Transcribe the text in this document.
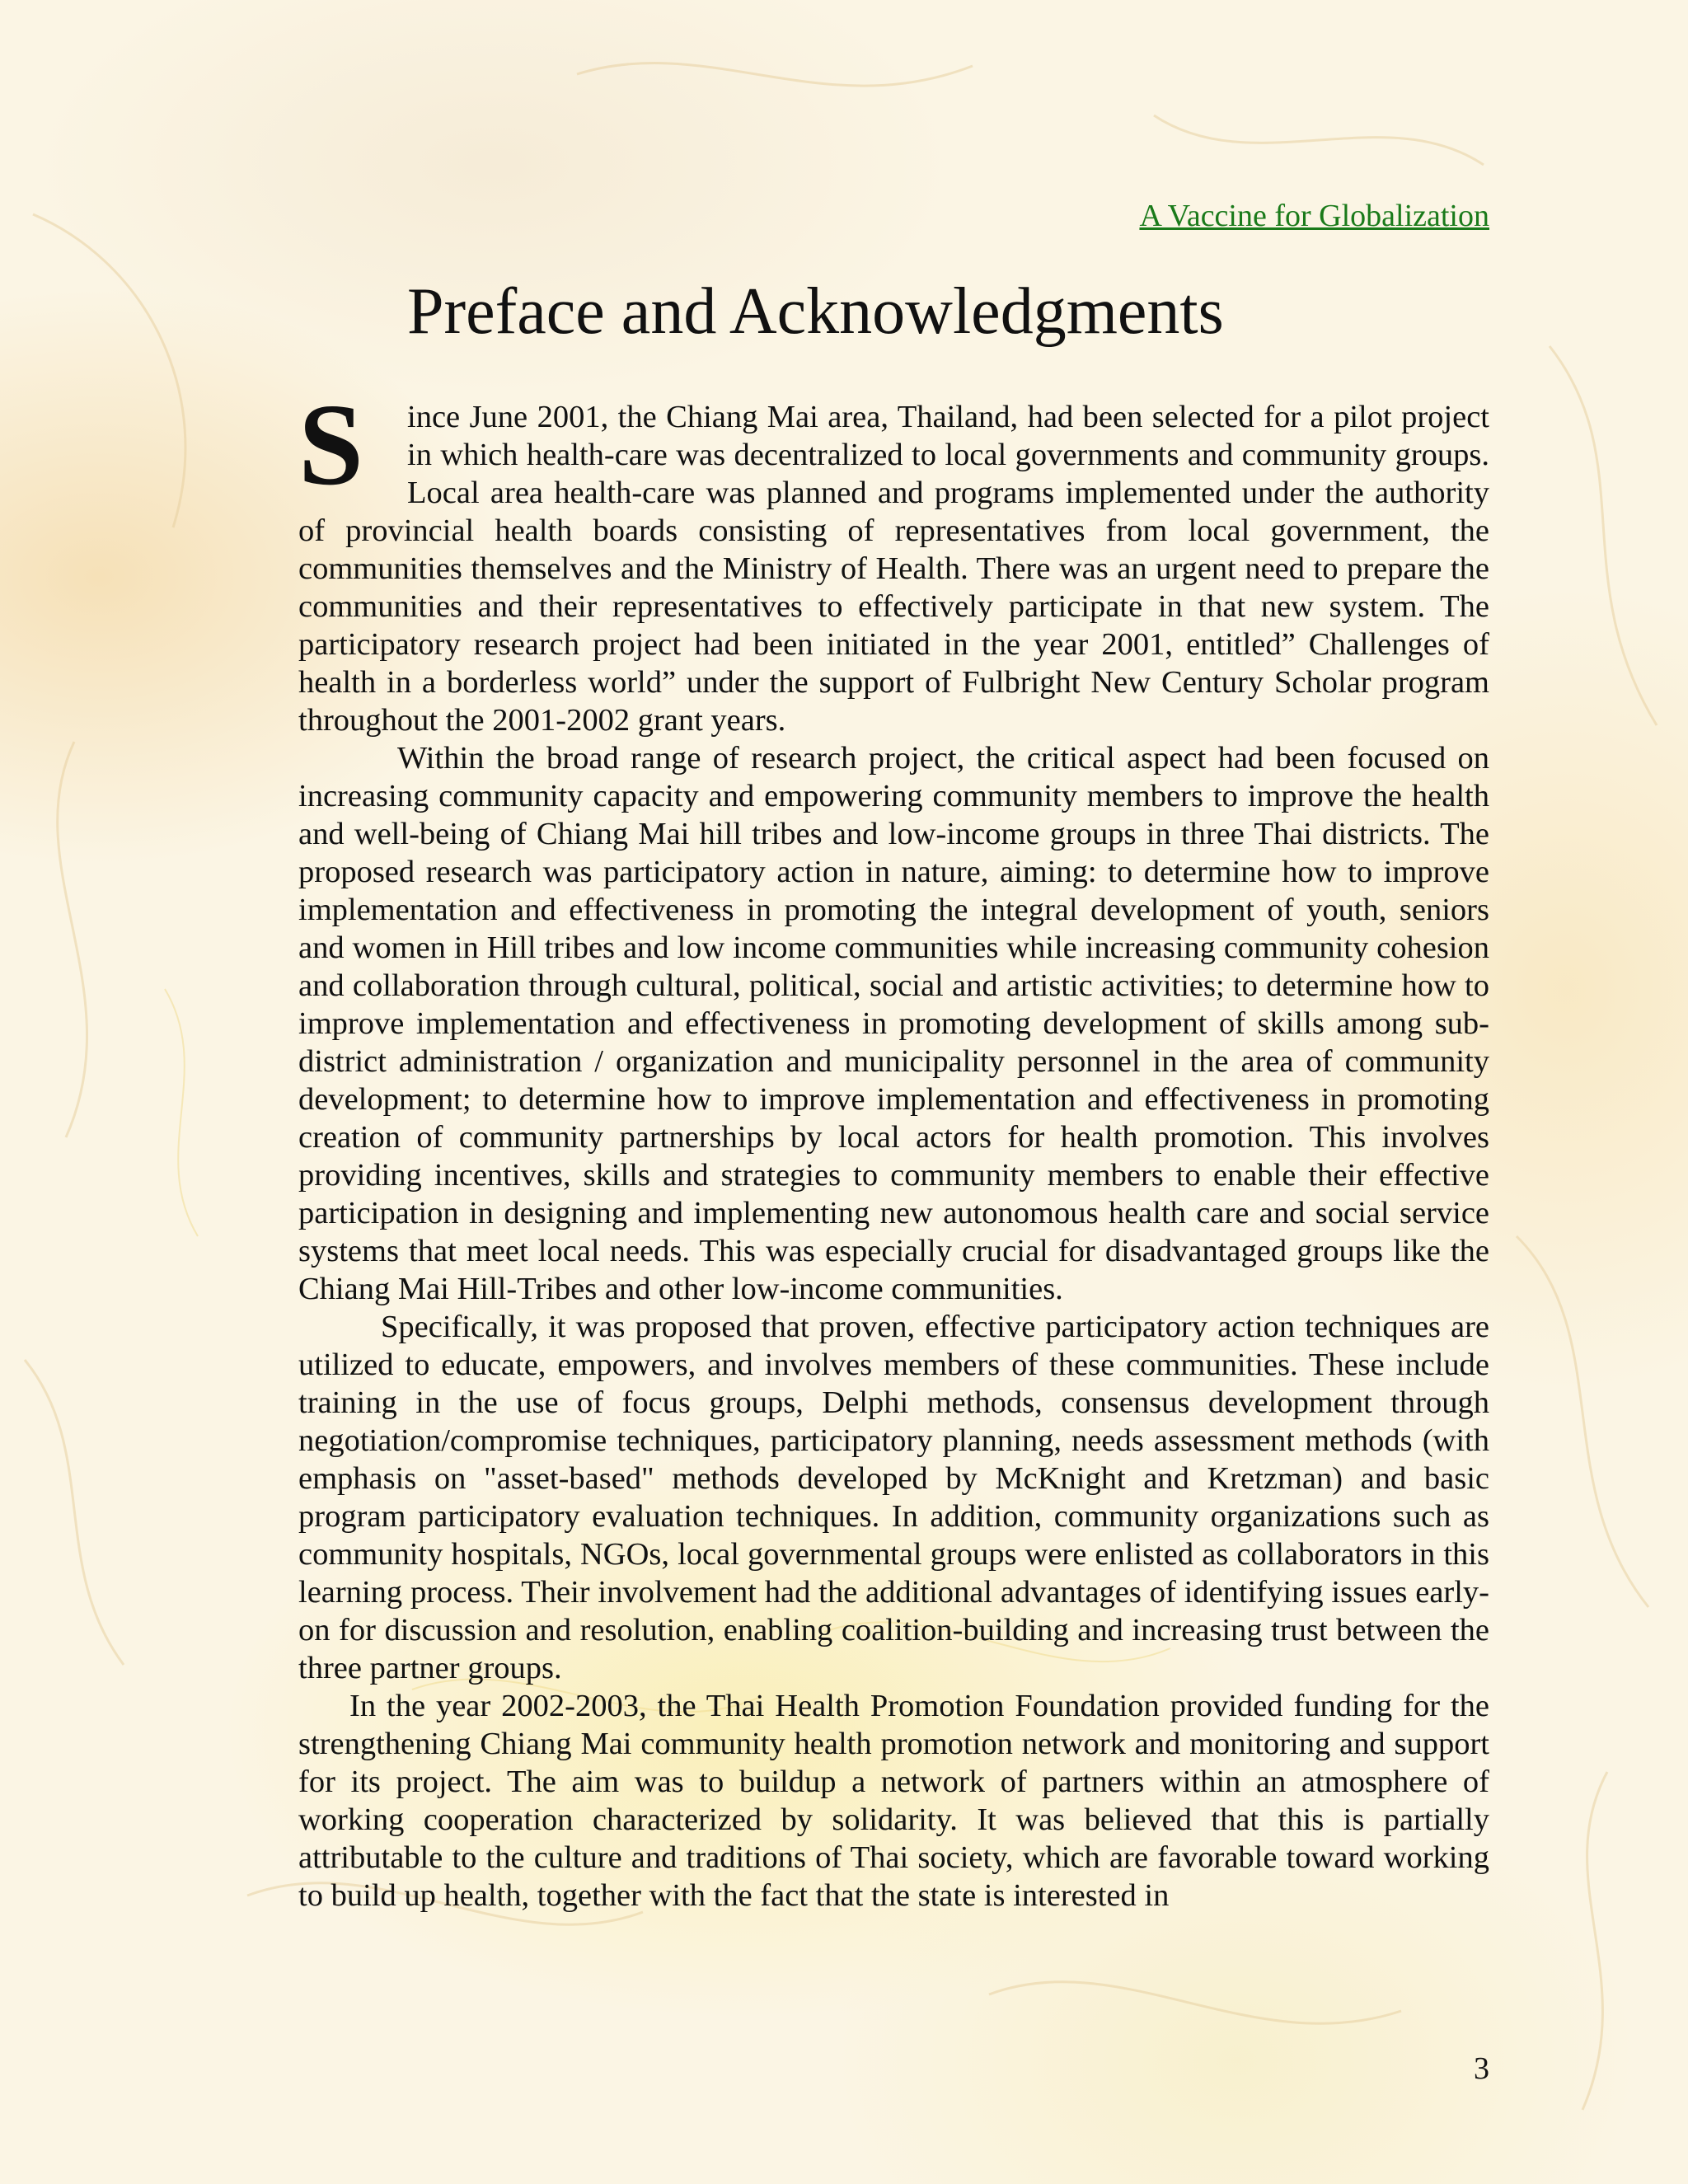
A Vaccine for Globalization
Preface and Acknowledgments

S	ince June 2001, the Chiang Mai area, Thailand, had been selected for a pilot project in which health-care was decentralized to local governments and community groups. Local area health-care was planned and programs implemented under the authority of provincial health boards consisting of representatives from local government, the communities themselves and the Ministry of Health. There was an urgent need to prepare the communities and their representatives to effectively participate in that new system. The participatory research project had been initiated in the year 2001, entitled” Challenges of health in a borderless world” under the support of Fulbright New Century Scholar program throughout the 2001-2002 grant years.

Within the broad range of research project, the critical aspect had been focused on increasing community capacity and empowering community members to improve the health and well-being of Chiang Mai hill tribes and low-income groups in three Thai districts. The proposed research was participatory action in nature, aiming: to determine how to improve implementation and effectiveness in promoting the integral development of youth, seniors and women in Hill tribes and low income communities while increasing community cohesion and collaboration through cultural, political, social and artistic activities; to determine how to improve implementation and effectiveness in promoting development of skills among sub-district administration / organization and municipality personnel in the area of community development; to determine how to improve implementation and effectiveness in promoting creation of community partnerships by local actors for health promotion. This involves providing incentives, skills and strategies to community members to enable their effective participation in designing and implementing new autonomous health care and social service systems that meet local needs. This was especially crucial for disadvantaged groups like the Chiang Mai Hill-Tribes and other low-income communities.

Specifically, it was proposed that proven, effective participatory action techniques are utilized to educate, empowers, and involves members of these communities. These include training in the use of focus groups, Delphi methods, consensus development through negotiation/compromise techniques, participatory planning, needs assessment methods (with emphasis on "asset-based" methods developed by McKnight and Kretzman) and basic program participatory evaluation techniques. In addition, community organizations such as community hospitals, NGOs, local governmental groups were enlisted as collaborators in this learning process. Their involvement had the additional advantages of identifying issues early-on for discussion and resolution, enabling coalition-building and increasing trust between the three partner groups.

In the year 2002-2003, the Thai Health Promotion Foundation provided funding for the strengthening Chiang Mai community health promotion network and monitoring and support for its project. The aim was to buildup a network of partners within an atmosphere of working cooperation characterized by solidarity. It was believed that this is partially attributable to the culture and traditions of Thai society, which are favorable toward working to build up health, together with the fact that the state is interested in

3
